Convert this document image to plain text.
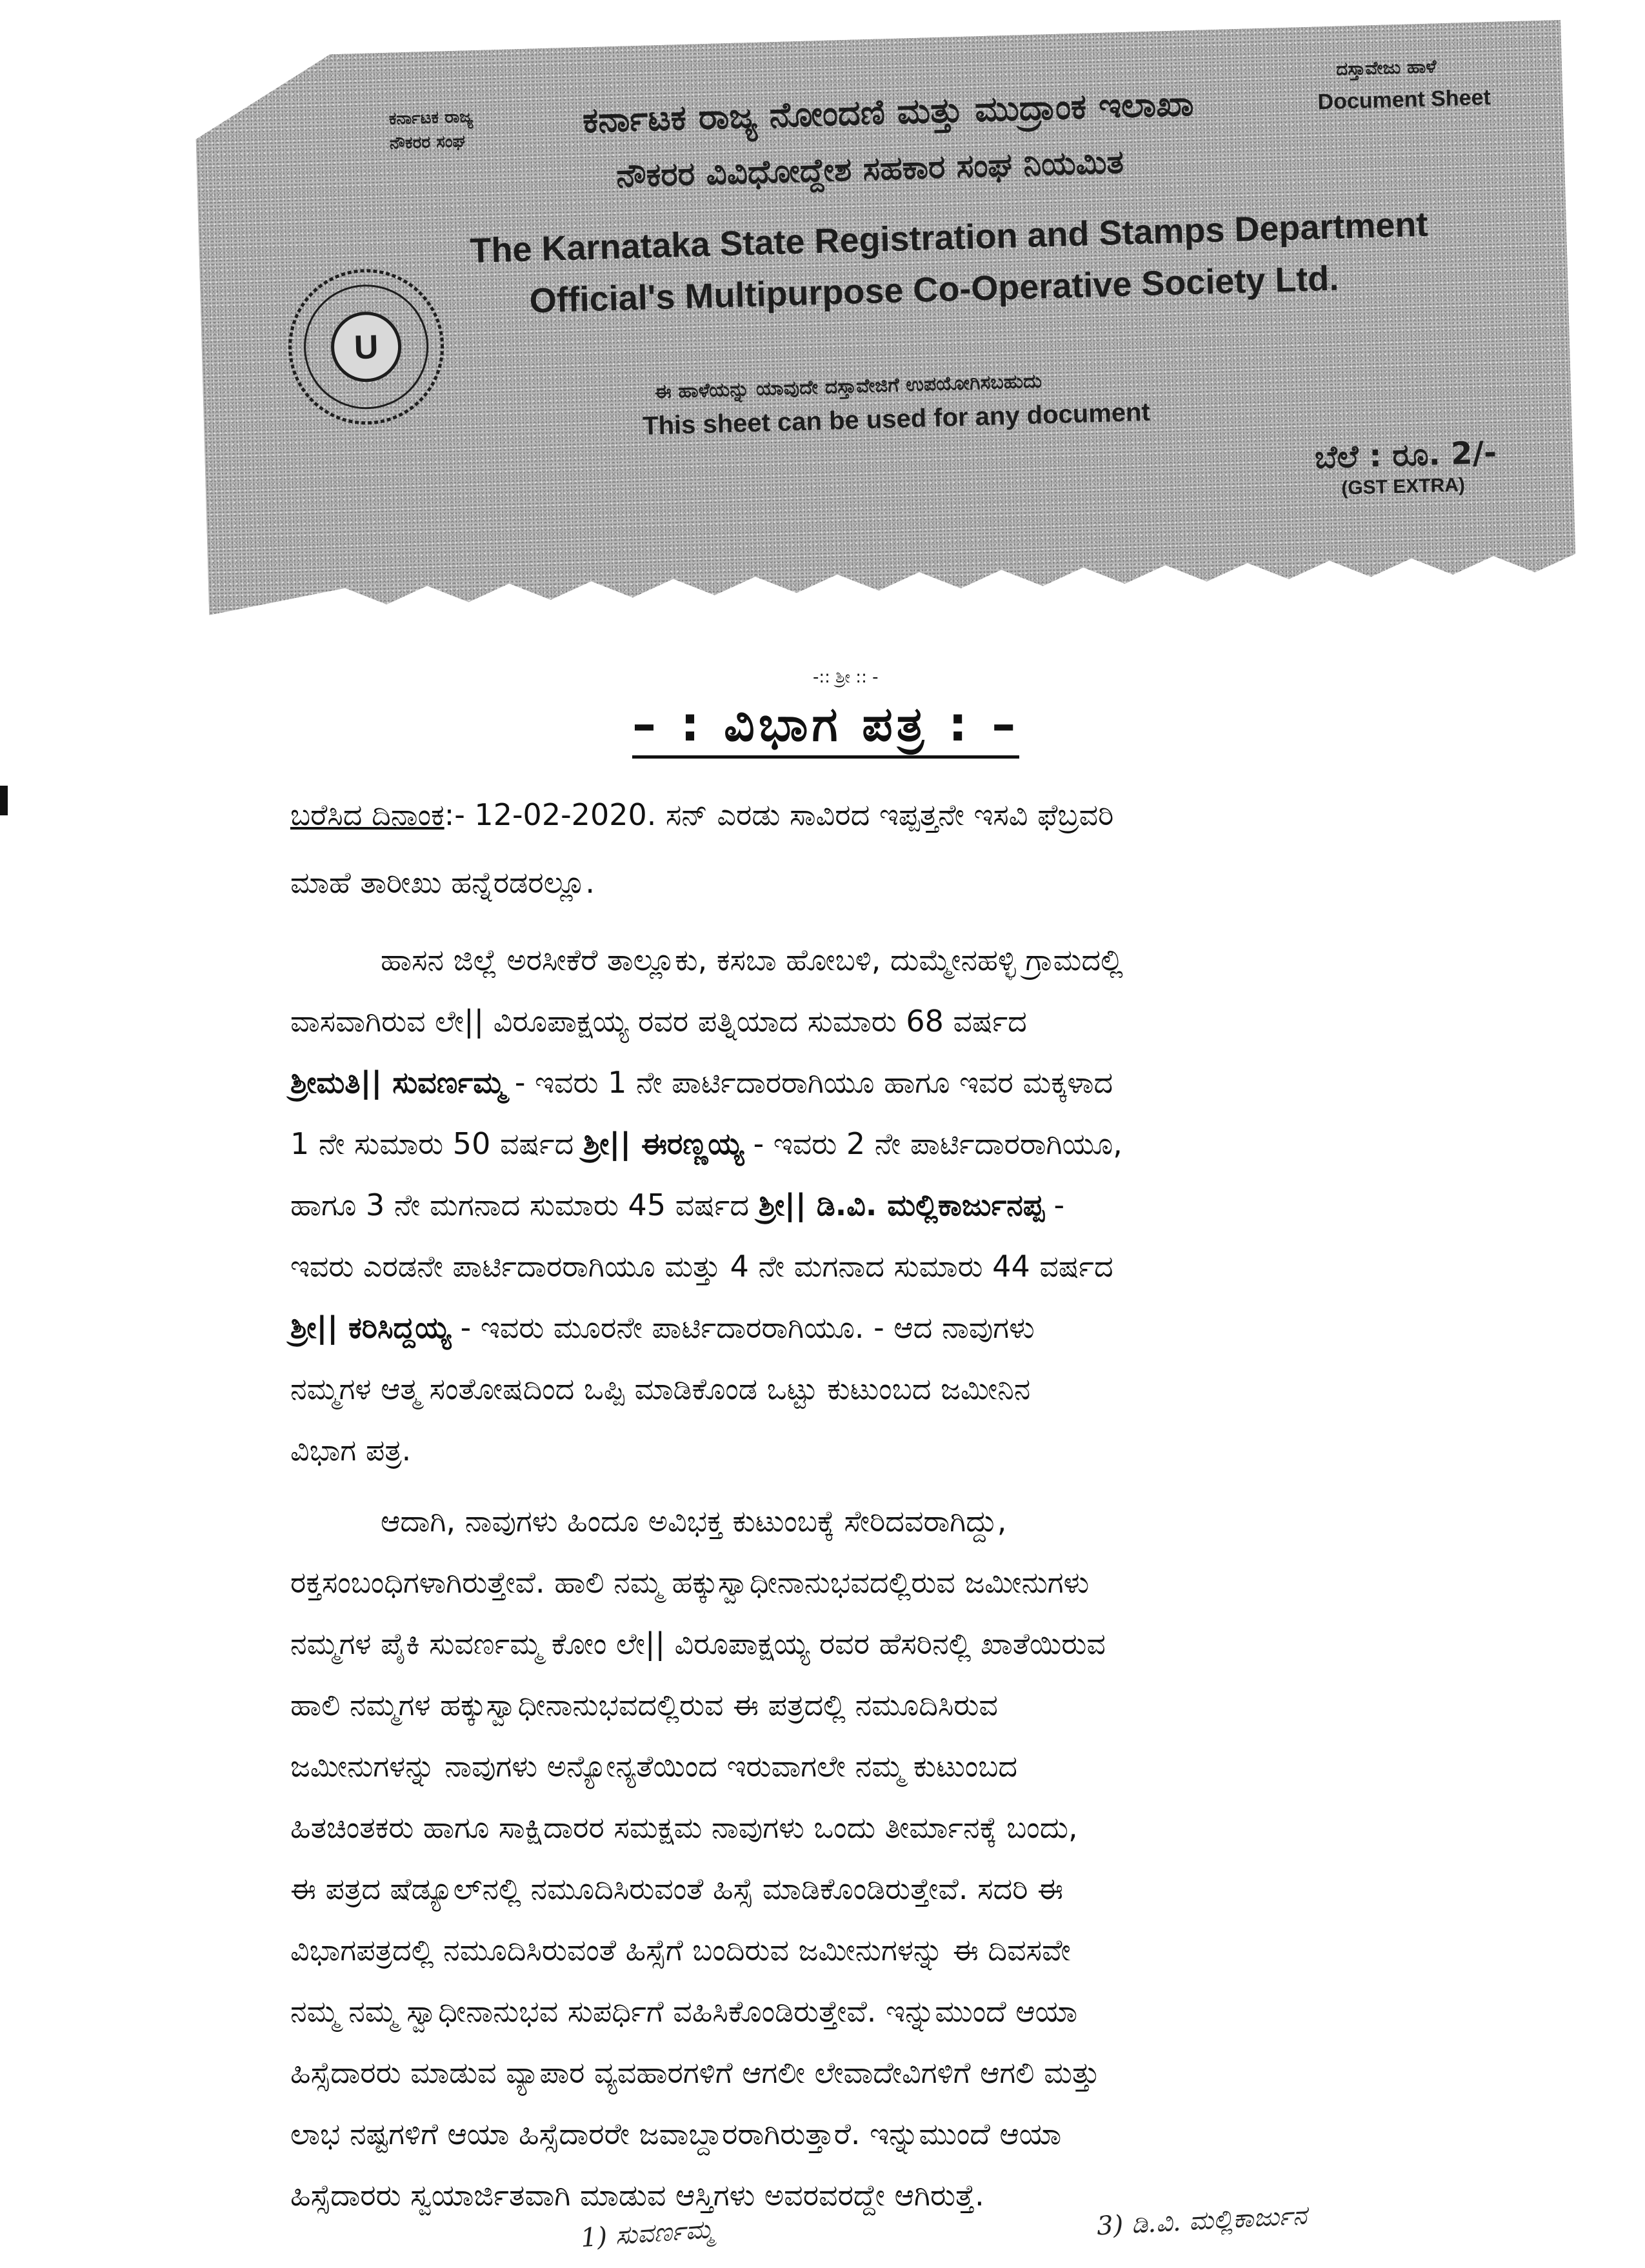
U
ಕರ್ನಾಟಕ ರಾಜ್ಯ
ನೌಕರರ ಸಂಘ
ಕರ್ನಾಟಕ ರಾಜ್ಯ ನೋಂದಣಿ ಮತ್ತು ಮುದ್ರಾಂಕ ಇಲಾಖಾ
ನೌಕರರ ವಿವಿಧೋದ್ದೇಶ ಸಹಕಾರ ಸಂಘ ನಿಯಮಿತ
The Karnataka State Registration and Stamps Department
Official's Multipurpose Co-Operative Society Ltd.
ದಸ್ತಾವೇಜು ಹಾಳೆ
Document Sheet
ಈ ಹಾಳೆಯನ್ನು ಯಾವುದೇ ದಸ್ತಾವೇಜಿಗೆ ಉಪಯೋಗಿಸಬಹುದು
This sheet can be used for any document
ಬೆಲೆ : ರೂ. 2/-
(GST EXTRA)
-:: ಶ್ರೀ :: -
– : ವಿಭಾಗ ಪತ್ರ : –
ಬರೆಸಿದ ದಿನಾಂಕ:- 12-02-2020. ಸನ್ ಎರಡು ಸಾವಿರದ ಇಪ್ಪತ್ತನೇ ಇಸವಿ ಫೆಬ್ರವರಿ
ಮಾಹೆ ತಾರೀಖು ಹನ್ನೆರಡರಲ್ಲೂ.
ಹಾಸನ ಜಿಲ್ಲೆ ಅರಸೀಕೆರೆ ತಾಲ್ಲೂಕು, ಕಸಬಾ ಹೋಬಳಿ, ದುಮ್ಮೇನಹಳ್ಳಿ ಗ್ರಾಮದಲ್ಲಿ
ವಾಸವಾಗಿರುವ ಲೇ|| ವಿರೂಪಾಕ್ಷಯ್ಯ ರವರ ಪತ್ನಿಯಾದ ಸುಮಾರು 68 ವರ್ಷದ
ಶ್ರೀಮತಿ|| ಸುವರ್ಣಮ್ಮ - ಇವರು 1 ನೇ ಪಾರ್ಟಿದಾರರಾಗಿಯೂ ಹಾಗೂ ಇವರ ಮಕ್ಕಳಾದ
1 ನೇ ಸುಮಾರು 50 ವರ್ಷದ ಶ್ರೀ|| ಈರಣ್ಣಯ್ಯ - ಇವರು 2 ನೇ ಪಾರ್ಟಿದಾರರಾಗಿಯೂ,
ಹಾಗೂ 3 ನೇ ಮಗನಾದ ಸುಮಾರು 45 ವರ್ಷದ ಶ್ರೀ|| ಡಿ.ವಿ. ಮಲ್ಲಿಕಾರ್ಜುನಪ್ಪ -
ಇವರು ಎರಡನೇ ಪಾರ್ಟಿದಾರರಾಗಿಯೂ ಮತ್ತು 4 ನೇ ಮಗನಾದ ಸುಮಾರು 44 ವರ್ಷದ
ಶ್ರೀ|| ಕರಿಸಿದ್ದಯ್ಯ - ಇವರು ಮೂರನೇ ಪಾರ್ಟಿದಾರರಾಗಿಯೂ. - ಆದ ನಾವುಗಳು
ನಮ್ಮಗಳ ಆತ್ಮ ಸಂತೋಷದಿಂದ ಒಪ್ಪಿ ಮಾಡಿಕೊಂಡ ಒಟ್ಟು ಕುಟುಂಬದ ಜಮೀನಿನ
ವಿಭಾಗ ಪತ್ರ.
ಆದಾಗಿ, ನಾವುಗಳು ಹಿಂದೂ ಅವಿಭಕ್ತ ಕುಟುಂಬಕ್ಕೆ ಸೇರಿದವರಾಗಿದ್ದು,
ರಕ್ತಸಂಬಂಧಿಗಳಾಗಿರುತ್ತೇವೆ. ಹಾಲಿ ನಮ್ಮ ಹಕ್ಕುಸ್ವಾಧೀನಾನುಭವದಲ್ಲಿರುವ ಜಮೀನುಗಳು
ನಮ್ಮಗಳ ಪೈಕಿ ಸುವರ್ಣಮ್ಮ ಕೋಂ ಲೇ|| ವಿರೂಪಾಕ್ಷಯ್ಯ ರವರ ಹೆಸರಿನಲ್ಲಿ ಖಾತೆಯಿರುವ
ಹಾಲಿ ನಮ್ಮಗಳ ಹಕ್ಕುಸ್ವಾಧೀನಾನುಭವದಲ್ಲಿರುವ ಈ ಪತ್ರದಲ್ಲಿ ನಮೂದಿಸಿರುವ
ಜಮೀನುಗಳನ್ನು ನಾವುಗಳು ಅನ್ಯೋನ್ಯತೆಯಿಂದ ಇರುವಾಗಲೇ ನಮ್ಮ ಕುಟುಂಬದ
ಹಿತಚಿಂತಕರು ಹಾಗೂ ಸಾಕ್ಷಿದಾರರ ಸಮಕ್ಷಮ ನಾವುಗಳು ಒಂದು ತೀರ್ಮಾನಕ್ಕೆ ಬಂದು,
ಈ ಪತ್ರದ ಷೆಡ್ಯೂಲ್‌ನಲ್ಲಿ ನಮೂದಿಸಿರುವಂತೆ ಹಿಸ್ಸೆ ಮಾಡಿಕೊಂಡಿರುತ್ತೇವೆ. ಸದರಿ ಈ
ವಿಭಾಗಪತ್ರದಲ್ಲಿ ನಮೂದಿಸಿರುವಂತೆ ಹಿಸ್ಸೆಗೆ ಬಂದಿರುವ ಜಮೀನುಗಳನ್ನು ಈ ದಿವಸವೇ
ನಮ್ಮ ನಮ್ಮ ಸ್ವಾಧೀನಾನುಭವ ಸುಪರ್ಧಿಗೆ ವಹಿಸಿಕೊಂಡಿರುತ್ತೇವೆ. ಇನ್ನುಮುಂದೆ ಆಯಾ
ಹಿಸ್ಸೆದಾರರು ಮಾಡುವ ವ್ಯಾಪಾರ ವ್ಯವಹಾರಗಳಿಗೆ ಆಗಲೀ ಲೇವಾದೇವಿಗಳಿಗೆ ಆಗಲಿ ಮತ್ತು
ಲಾಭ ನಷ್ಟಗಳಿಗೆ ಆಯಾ ಹಿಸ್ಸೆದಾರರೇ ಜವಾಬ್ದಾರರಾಗಿರುತ್ತಾರೆ. ಇನ್ನುಮುಂದೆ ಆಯಾ
ಹಿಸ್ಸೆದಾರರು ಸ್ವಯಾರ್ಜಿತವಾಗಿ ಮಾಡುವ ಆಸ್ತಿಗಳು ಅವರವರದ್ದೇ ಆಗಿರುತ್ತೆ.
1) ಸುವರ್ಣಮ್ಮ	3) ಡಿ.ವಿ. ಮಲ್ಲಿಕಾರ್ಜುನ
